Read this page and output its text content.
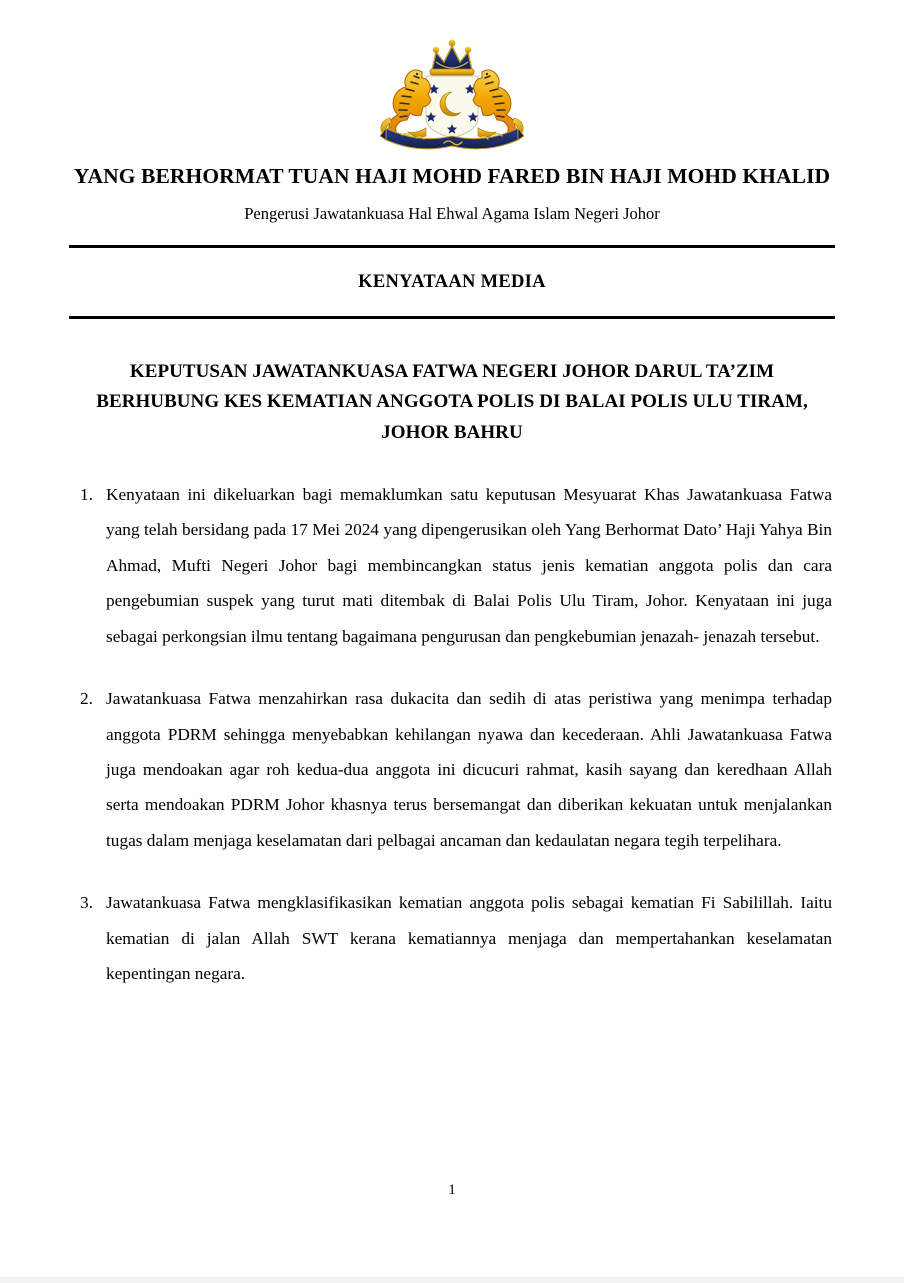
YANG BERHORMAT TUAN HAJI MOHD FARED BIN HAJI MOHD KHALID
Pengerusi Jawatankuasa Hal Ehwal Agama Islam Negeri Johor
KENYATAAN MEDIA
KEPUTUSAN JAWATANKUASA FATWA NEGERI JOHOR DARUL TA’ZIM BERHUBUNG KES KEMATIAN ANGGOTA POLIS DI BALAI POLIS ULU TIRAM, JOHOR BAHRU
1. Kenyataan ini dikeluarkan bagi memaklumkan satu keputusan Mesyuarat Khas Jawatankuasa Fatwa yang telah bersidang pada 17 Mei 2024 yang dipengerusikan oleh Yang Berhormat Dato’ Haji Yahya Bin Ahmad, Mufti Negeri Johor bagi membincangkan status jenis kematian anggota polis dan cara pengebumian suspek yang turut mati ditembak di Balai Polis Ulu Tiram, Johor. Kenyataan ini juga sebagai perkongsian ilmu tentang bagaimana pengurusan dan pengkebumian jenazah- jenazah tersebut.
2. Jawatankuasa Fatwa menzahirkan rasa dukacita dan sedih di atas peristiwa yang menimpa terhadap anggota PDRM sehingga menyebabkan kehilangan nyawa dan kecederaan. Ahli Jawatankuasa Fatwa juga mendoakan agar roh kedua-dua anggota ini dicucuri rahmat, kasih sayang dan keredhaan Allah serta mendoakan PDRM Johor khasnya terus bersemangat dan diberikan kekuatan untuk menjalankan tugas dalam menjaga keselamatan dari pelbagai ancaman dan kedaulatan negara tegih terpelihara.
3. Jawatankuasa Fatwa mengklasifikasikan kematian anggota polis sebagai kematian Fi Sabilillah. Iaitu kematian di jalan Allah SWT kerana kematiannya menjaga dan mempertahankan keselamatan kepentingan negara.
1
